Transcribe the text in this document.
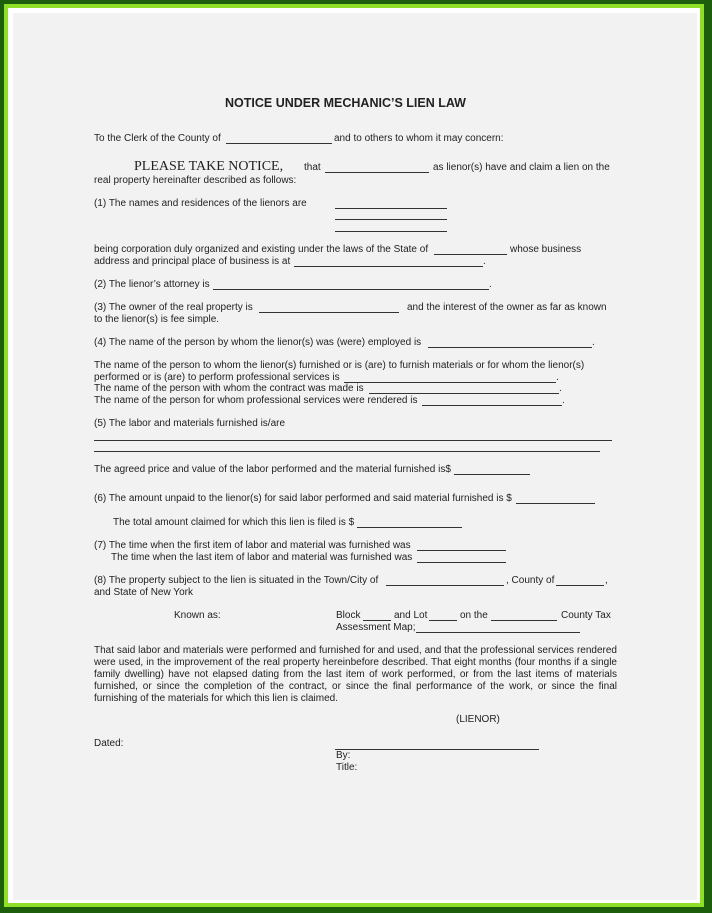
NOTICE UNDER MECHANIC’S LIEN LAW
To the Clerk of the County of	and to others to whom it may concern:
PLEASE TAKE NOTICE, that	as lienor(s) have and claim a lien on the
real property hereinafter described as follows:
(1) The names and residences of the lienors are
being corporation duly organized and existing under the laws of the State of	whose business
address and principal place of business is at	.
(2) The lienor’s attorney is	.
(3) The owner of the real property is	and the interest of the owner as far as known
to the lienor(s) is fee simple.
(4) The name of the person by whom the lienor(s) was (were) employed is	.
The name of the person to whom the lienor(s) furnished or is (are) to furnish materials or for whom the lienor(s)
performed or is (are) to perform professional services is	.
The name of the person with whom the contract was made is	.
The name of the person for whom professional services were rendered is	.
(5) The labor and materials furnished is/are
The agreed price and value of the labor performed and the material furnished is$
(6) The amount unpaid to the lienor(s) for said labor performed and said material furnished is $
The total amount claimed for which this lien is filed is $
(7) The time when the first item of labor and material was furnished was
The time when the last item of labor and material was furnished was
(8) The property subject to the lien is situated in the Town/City of	, County of	,
and State of New York
Known as:	Block	and Lot	on the	County Tax
Assessment Map;
That said labor and materials were performed and furnished for and used, and that the professional services rendered
were used, in the improvement of the real property hereinbefore described. That eight months (four months if a single
family dwelling) have not elapsed dating from the last item of work performed, or from the last items of materials
furnished, or since the completion of the contract, or since the final performance of the work, or since the final
furnishing of the materials for which this lien is claimed.
(LIENOR)
Dated:
By:
Title:
